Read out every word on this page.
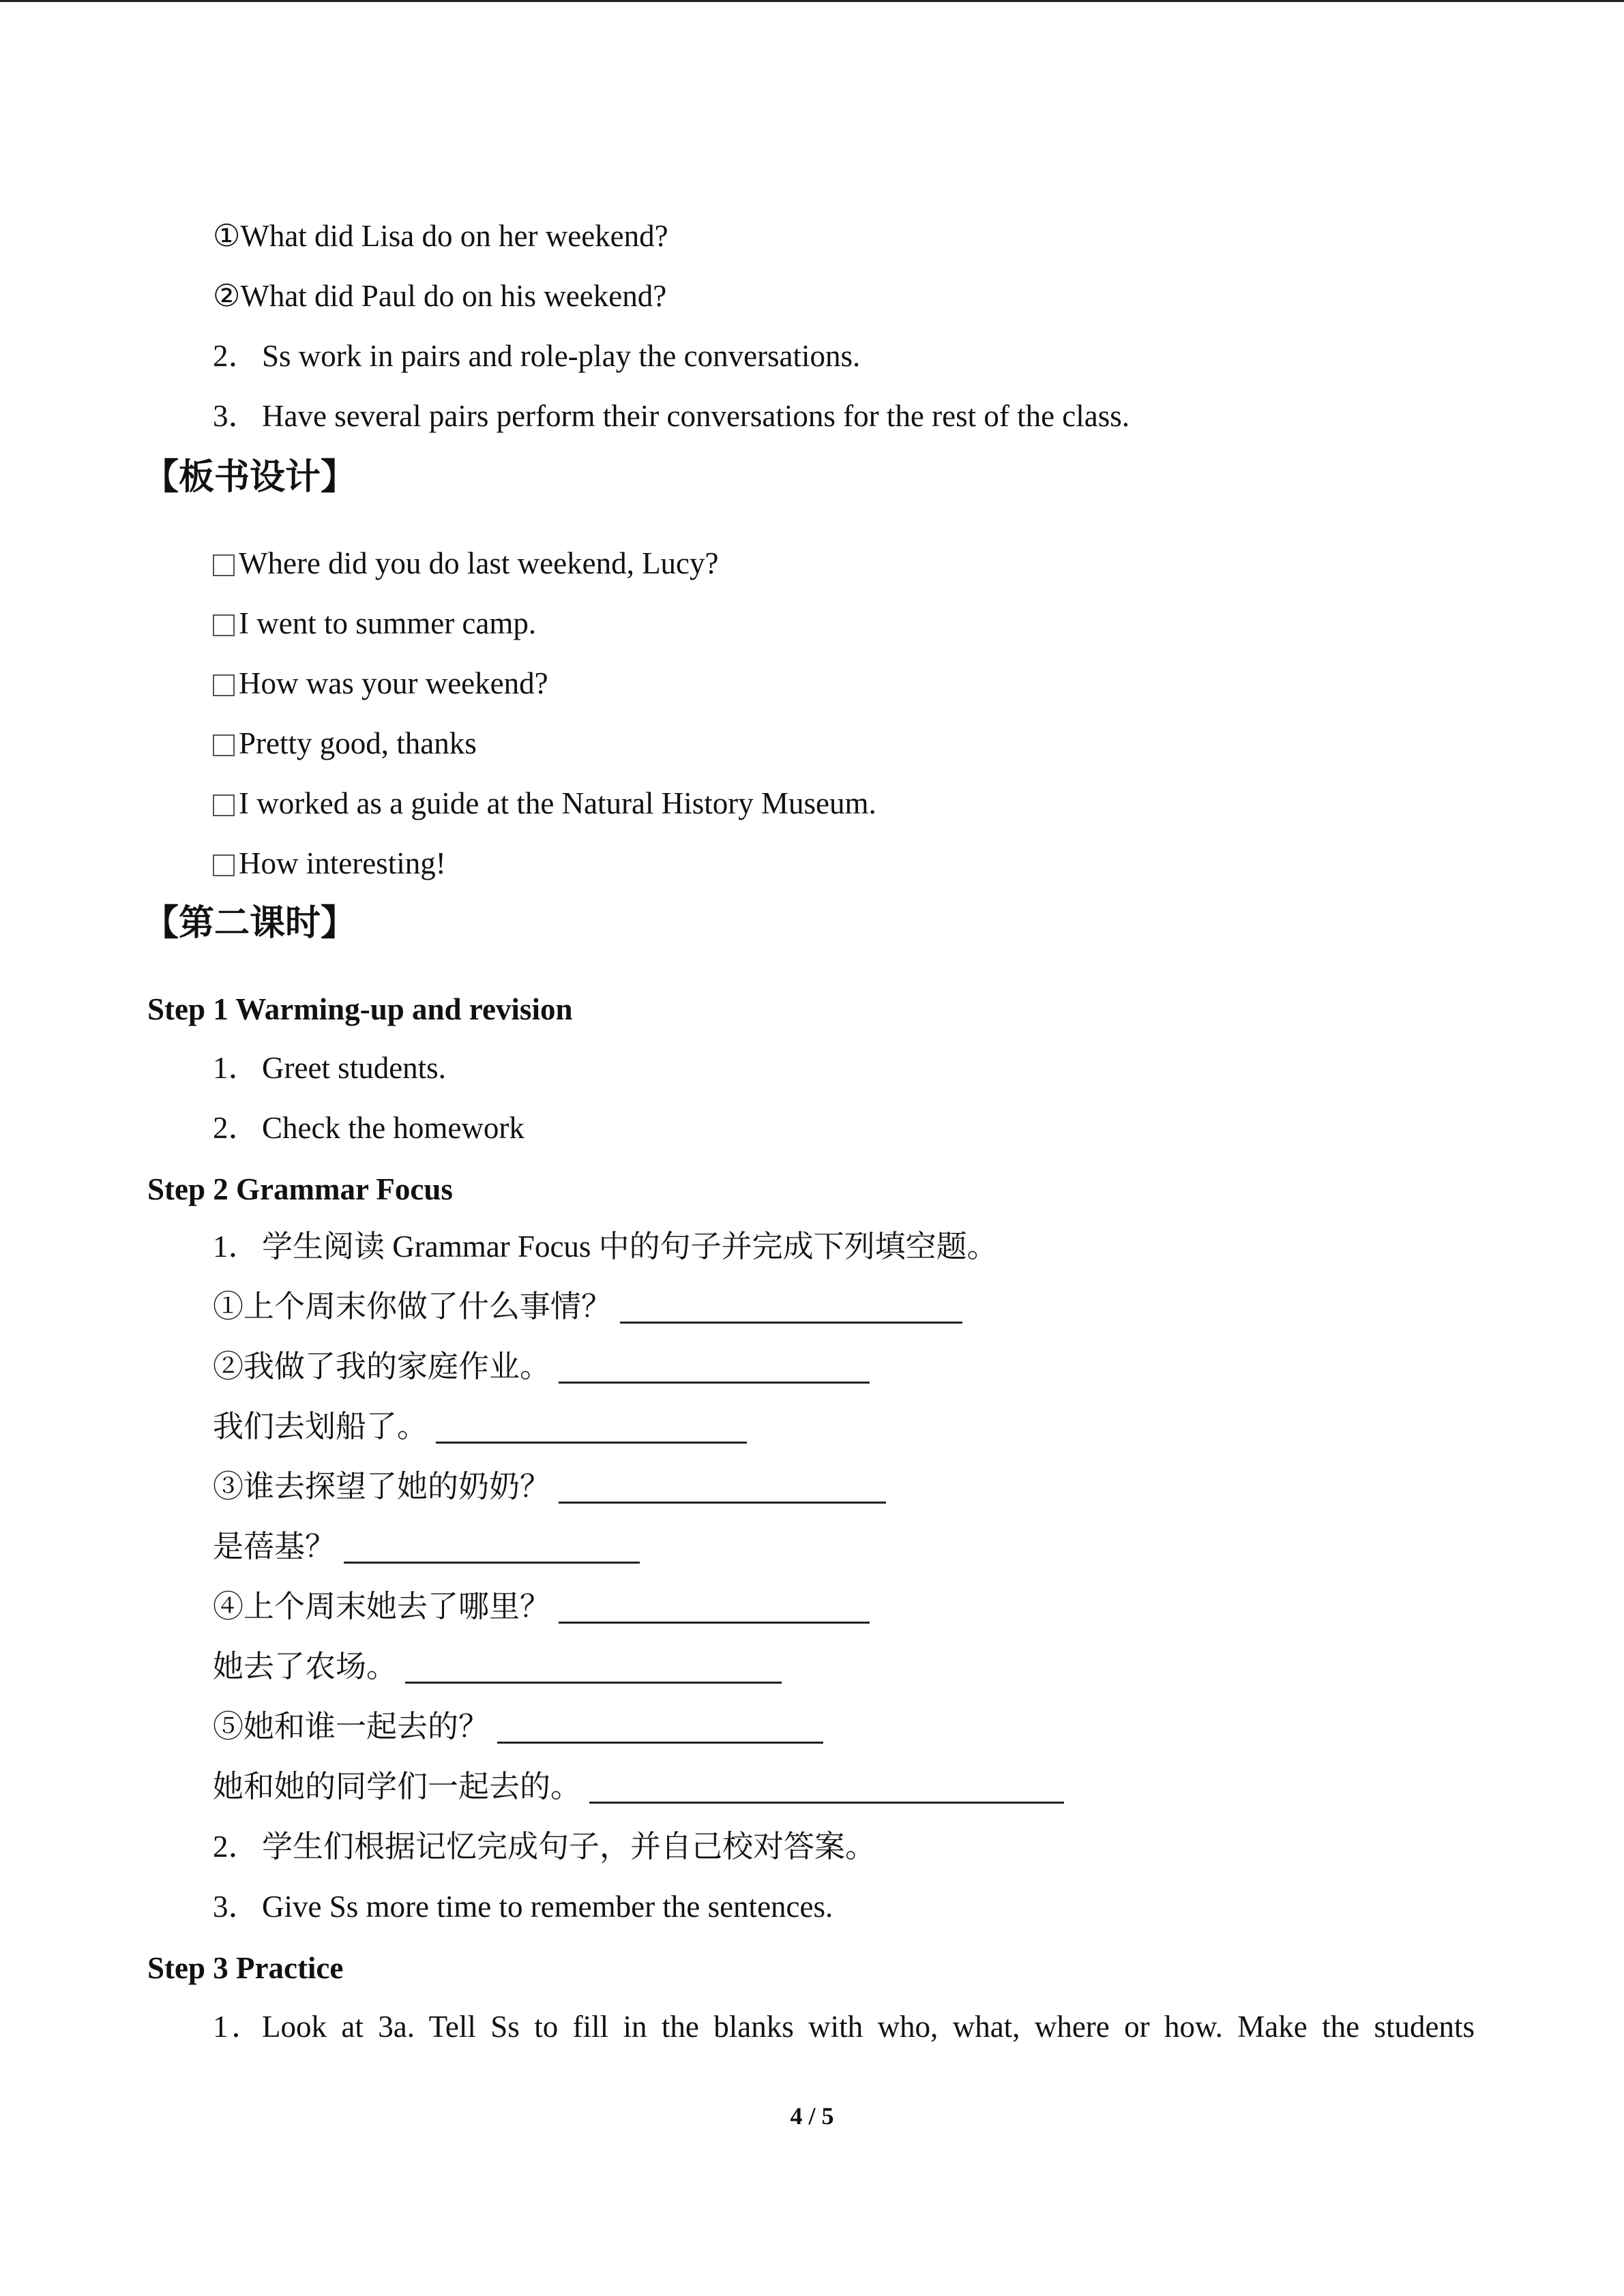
①What did Lisa do on her weekend?
②What did Paul do on his weekend?
2．Ss work in pairs and role-play the conversations.
3．Have several pairs perform their conversations for the rest of the class.
【板书设计】
Where did you do last weekend, Lucy?
I went to summer camp.
How was your weekend?
Pretty good, thanks
I worked as a guide at the Natural History Museum.
How interesting!
【第二课时】
Step 1 Warming-up and revision
1．Greet students.
2．Check the homework
Step 2 Grammar Focus
1．学生阅读 Grammar Focus 中的句子并完成下列填空题。
①上个周末你做了什么事情？
②我做了我的家庭作业。
我们去划船了。
③谁去探望了她的奶奶？
是蓓基？
④上个周末她去了哪里？
她去了农场。
⑤她和谁一起去的？
她和她的同学们一起去的。
2．学生们根据记忆完成句子，并自己校对答案。
3．Give Ss more time to remember the sentences.
Step 3 Practice
1．Look at 3a. Tell Ss to fill in the blanks with who, what, where or how. Make the students
4 / 5
